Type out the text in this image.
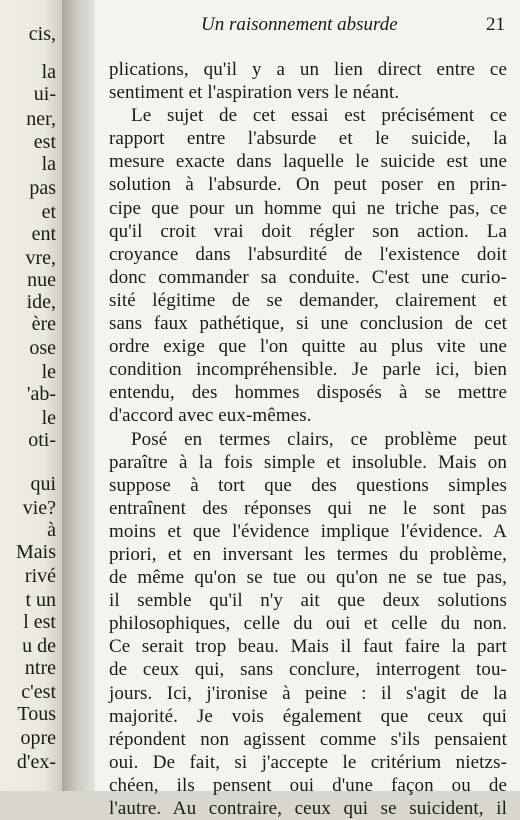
cis,
la
ui-
ner,
est
la
pas
et
ent
vre,
nue
ide,
ère
ose
le
'ab-
le
oti-
qui
vie?
à
Mais
rivé
t un
l est
u de
ntre
c'est
Tous
opre
d'ex-
Un raisonnement absurde	21
plications, qu'il y a un lien direct entre ce
sentiment et l'aspiration vers le néant.
Le sujet de cet essai est précisément ce
rapport entre l'absurde et le suicide, la
mesure exacte dans laquelle le suicide est une
solution à l'absurde. On peut poser en prin-
cipe que pour un homme qui ne triche pas, ce
qu'il croit vrai doit régler son action. La
croyance dans l'absurdité de l'existence doit
donc commander sa conduite. C'est une curio-
sité légitime de se demander, clairement et
sans faux pathétique, si une conclusion de cet
ordre exige que l'on quitte au plus vite une
condition incompréhensible. Je parle ici, bien
entendu, des hommes disposés à se mettre
d'accord avec eux-mêmes.
Posé en termes clairs, ce problème peut
paraître à la fois simple et insoluble. Mais on
suppose à tort que des questions simples
entraînent des réponses qui ne le sont pas
moins et que l'évidence implique l'évidence. A
priori, et en inversant les termes du problème,
de même qu'on se tue ou qu'on ne se tue pas,
il semble qu'il n'y ait que deux solutions
philosophiques, celle du oui et celle du non.
Ce serait trop beau. Mais il faut faire la part
de ceux qui, sans conclure, interrogent tou-
jours. Ici, j'ironise à peine : il s'agit de la
majorité. Je vois également que ceux qui
répondent non agissent comme s'ils pensaient
oui. De fait, si j'accepte le critérium nietzs-
chéen, ils pensent oui d'une façon ou de
l'autre. Au contraire, ceux qui se suicident, il
